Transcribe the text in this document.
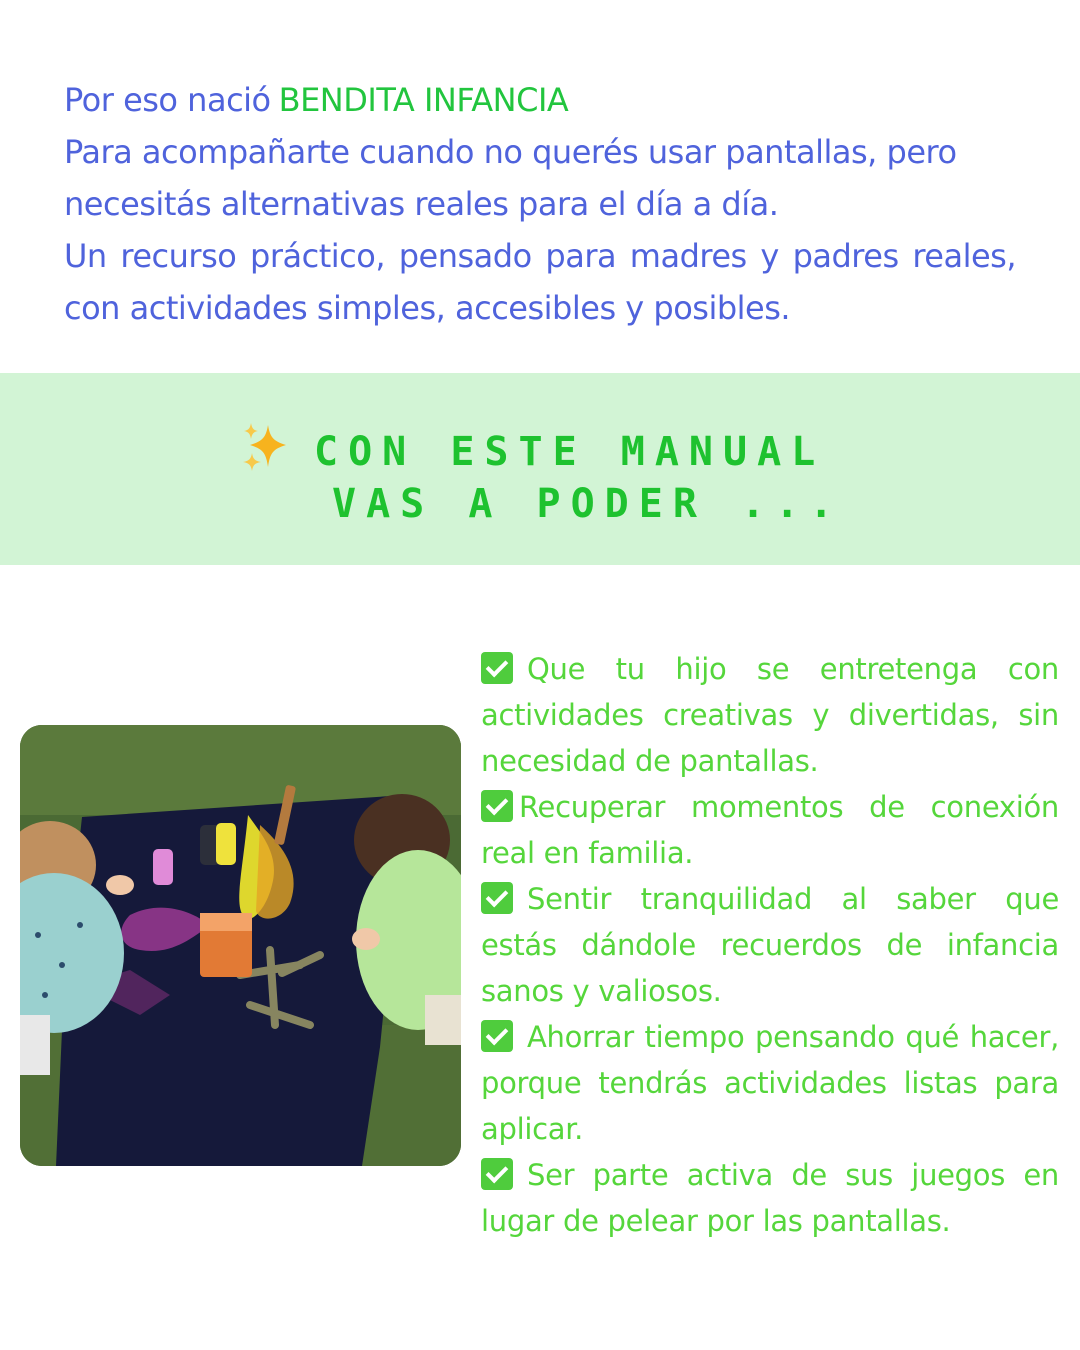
Por eso nació BENDITA INFANCIA

Para acompañarte cuando no querés usar pantallas, pero necesitás alternativas reales para el día a día.

Un recurso práctico, pensado para madres y padres reales, con actividades simples, accesibles y posibles.

CON ESTE MANUAL
VAS A PODER ...

Que tu hijo se entretenga con actividades creativas y divertidas, sin necesidad de pantallas.

Recuperar momentos de conexión real en familia.

Sentir tranquilidad al saber que estás dándole recuerdos de infancia sanos y valiosos.

Ahorrar tiempo pensando qué hacer, porque tendrás actividades listas para aplicar.

Ser parte activa de sus juegos en lugar de pelear por las pantallas.
